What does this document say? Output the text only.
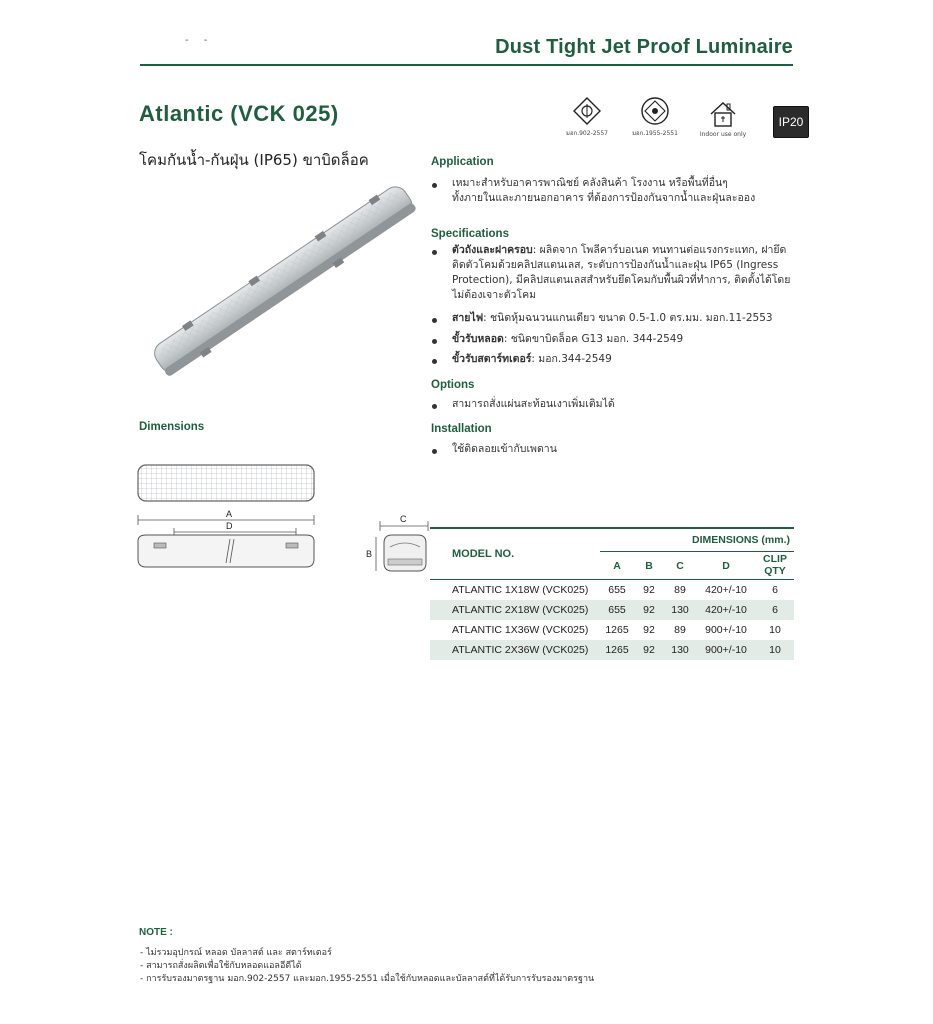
- -	Dust Tight Jet Proof Luminaire
Atlantic (VCK 025)
โคมกันน้ำ-กันฝุ่น (IP65) ขาบิดล็อค
มอก.902-2557	มอก.1955-2551	Indoor use only
IP20
Application
เหมาะสำหรับอาคารพาณิชย์ คลังสินค้า โรงงาน หรือพื้นที่อื่นๆ
ทั้งภายในและภายนอกอาคาร ที่ต้องการป้องกันจากน้ำและฝุ่นละออง
Specifications
ตัวถังและฝาครอบ: ผลิตจาก โพลีคาร์บอเนต ทนทานต่อแรงกระแทก, ฝายึด
ติดตัวโคมด้วยคลิปสแตนเลส, ระดับการป้องกันน้ำและฝุ่น IP65 (Ingress
Protection), มีคลิปสแตนเลสสำหรับยึดโคมกับพื้นผิวที่ทำการ, ติดตั้งได้โดย
ไม่ต้องเจาะตัวโคม
สายไฟ: ชนิดหุ้มฉนวนแกนเดียว ขนาด 0.5-1.0 ตร.มม. มอก.11-2553
ขั้วรับหลอด: ชนิดขาบิดล็อค G13 มอก. 344-2549
ขั้วรับสตาร์ทเตอร์: มอก.344-2549
Options
สามารถสั่งแผ่นสะท้อนเงาเพิ่มเติมได้
Installation
ใช้ติดลอยเข้ากับเพดาน
Dimensions
A
D
C
B	MODEL NO.	DIMENSIONS (mm.)				
	A	B	C	D	CLIP QTY
ATLANTIC 1X18W (VCK025)	655	92	89	420+/-10	6
ATLANTIC 2X18W (VCK025)	655	92	130	420+/-10	6
ATLANTIC 1X36W (VCK025)	1265	92	89	900+/-10	10
ATLANTIC 2X36W (VCK025)	1265	92	130	900+/-10	10
NOTE :
- ไม่รวมอุปกรณ์ หลอด บัลลาสต์ และ สตาร์ทเตอร์
- สามารถสั่งผลิตเพื่อใช้กับหลอดแอลอีดีได้
- การรับรองมาตรฐาน มอก.902-2557 และมอก.1955-2551 เมื่อใช้กับหลอดและบัลลาสต์ที่ได้รับการรับรองมาตรฐาน
